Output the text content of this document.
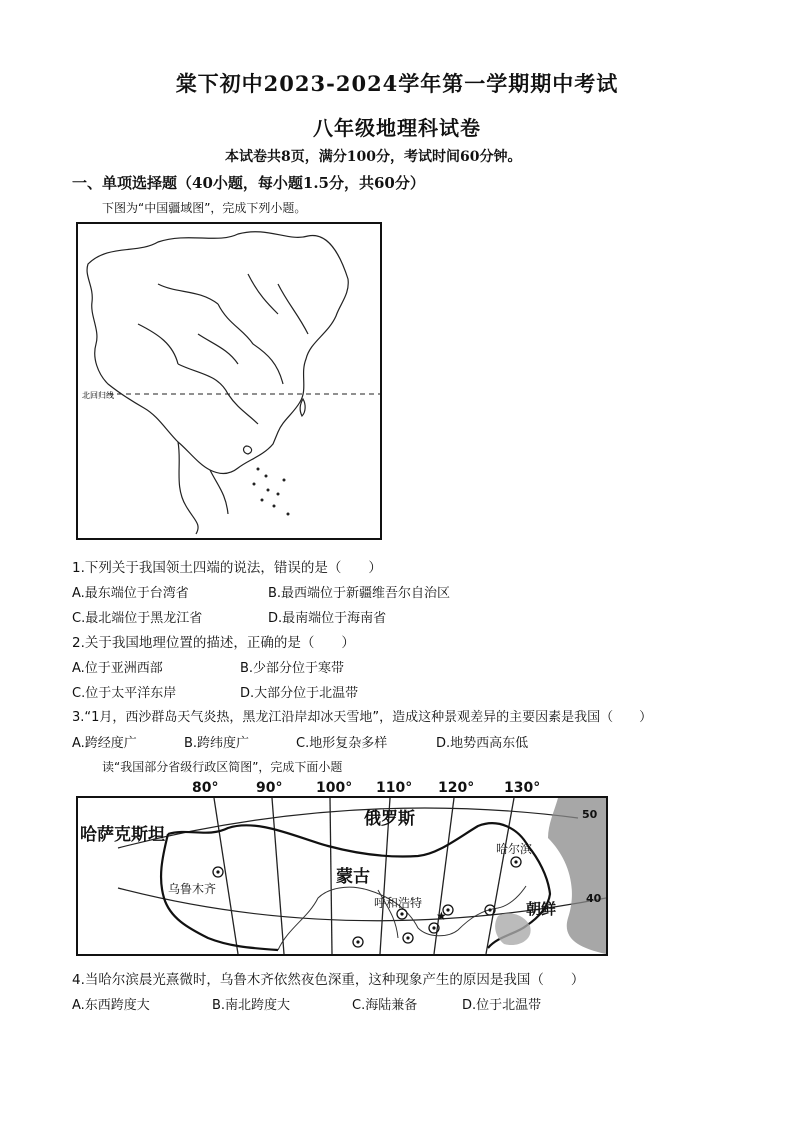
棠下初中2023-2024学年第一学期期中考试
八年级地理科试卷
本试卷共8页，满分100分，考试时间60分钟。
一、单项选择题（40小题，每小题1.5分，共60分）
下图为“中国疆域图”，完成下列小题。
北回归线
1.下列关于我国领土四端的说法，错误的是（　　）
A.最东端位于台湾省	B.最西端位于新疆维吾尔自治区
C.最北端位于黑龙江省	D.最南端位于海南省
2.关于我国地理位置的描述，正确的是（　　）
A.位于亚洲西部	B.少部分位于寒带
C.位于太平洋东岸	D.大部分位于北温带
3.“1月，西沙群岛天气炎热，黑龙江沿岸却冰天雪地”，造成这种景观差异的主要因素是我国（　　）
A.跨经度广	B.跨纬度广	C.地形复杂多样	D.地势西高东低
读“我国部分省级行政区简图”，完成下面小题
80°	90° 100° 110° 120° 130°
★
哈萨克斯坦
俄罗斯
蒙古
乌鲁木齐
呼和浩特
哈尔滨
朝鲜
50
40
4.当哈尔滨晨光熹微时，乌鲁木齐依然夜色深重，这种现象产生的原因是我国（　　）
A.东西跨度大	B.南北跨度大	C.海陆兼备	D.位于北温带
